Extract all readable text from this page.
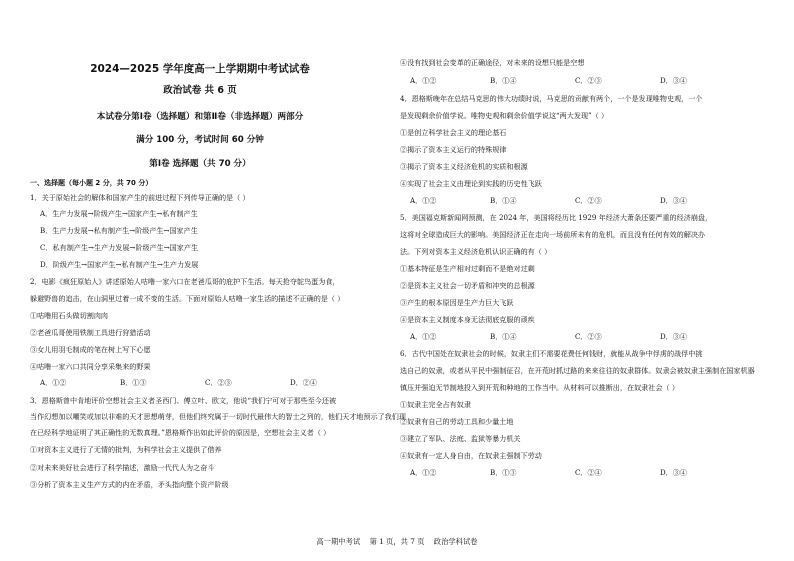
2024—2025 学年度高一上学期期中考试试卷
政治试卷 共 6 页
本试卷分第Ⅰ卷（选择题）和第Ⅱ卷（非选择题）两部分
满分 100 分，考试时间 60 分钟
第Ⅰ卷 选择题（共 70 分）
一、选择题（每小题 2 分，共 70 分）
1．关于原始社会的解体和国家产生的前进过程下列传导正确的是（ ）
A．生产力发展→阶级产生→国家产生→私有制产生
B．生产力发展→私有制产生→阶级产生→国家产生
C．私有制产生→生产力发展→阶级产生→国家产生
D．阶级产生→国家产生→私有制产生→生产力发展
2．电影《疯狂原始人》讲述原始人咕噜一家六口在老爸瓜哥的庇护下生活。每天抢夺鸵鸟蛋为食，
躲避野兽的追击，在山洞里过着一成不变的生活。下面对原始人咕噜一家生活的描述不正确的是（ ）
①咕噜用石头做切割肉肉
②老爸瓜哥使用铁制工具进行狩猎活动
③女儿用羽毛制成的笔在树上写下心愿
④咕噜一家六口共同分享采集来的野果
A．①②	B．①③	C．②③	D．②④
3．恩格斯曾中肯地评价空想社会主义者圣西门、傅立叶、欧文，他说“我们宁可对于那些至今还被
当作幻想加以嘲笑或加以非难的天才思想萌芽，但他们终究属于一切时代最伟大的智士之列的，他们天才地预示了我们现
在已经科学地证明了其正确性的无数真理。”恩格斯作出如此评价的原因是，空想社会主义者（ ）
①对资本主义进行了无情的批判，为科学社会主义提供了借养
②对未来美好社会进行了科学描述，激励一代代人为之奋斗
③分析了资本主义生产方式的内在矛盾，矛头指向整个资产阶级
④没有找到社会变革的正确途径，对未来的设想只能是空想
A．①②	B．①④	C．②③	D．③④
4．恩格斯晚年在总结马克思的伟大功绩时说，马克思的贡献有两个，一个是发现唯物史观，一个
是发现剩余价值学说。唯物史观和剩余价值学说这“两大发现”（ ）
①是创立科学社会主义的理论基石
②揭示了资本主义运行的特殊规律
③揭示了资本主义经济危机的实质和根源
④实现了社会主义由理论到实践的历史性飞跃
A．①②	B．①④	C．②③	D．③④
5．美国福克斯新闻网预测，在 2024 年，美国将经历比 1929 年经济大萧条还要严重的经济崩盘，
这将对全球造成巨大的影响。美国经济正在走向一场前所未有的危机，而且没有任何有效的解决办
法。下列对资本主义经济危机认识正确的有（ ）
①基本特征是生产相对过剩而不是绝对过剩
②是资本主义社会一切矛盾和冲突的总根源
③产生的根本原因是生产力巨大飞跃
④是资本主义制度本身无法彻底克服的顽疾
A．①②	B．①④	C．②③	D．③④
6．古代中国处在奴隶社会的时候，奴隶主们不需要花费任何钱财，就能从战争中俘虏的战俘中挑
选自己的奴隶，或者从平民中强制征召，在开荒时抓过路的来来往往的奴隶群体。奴隶会被奴隶主强制在国家机器
镇压并强迫无节制地投入到开荒和种地的工作当中。从材料可以推断出，在奴隶社会（ ）
①奴隶主完全占有奴隶
②奴隶有自己的劳动工具和少量土地
③建立了军队、法庭、监狱等暴力机关
④奴隶有一定人身自由，在奴隶主强制下劳动
A．①②	B．①③	C．②④	D．③④
高一期中考试    第 1 页，共 7 页    政治学科试卷
